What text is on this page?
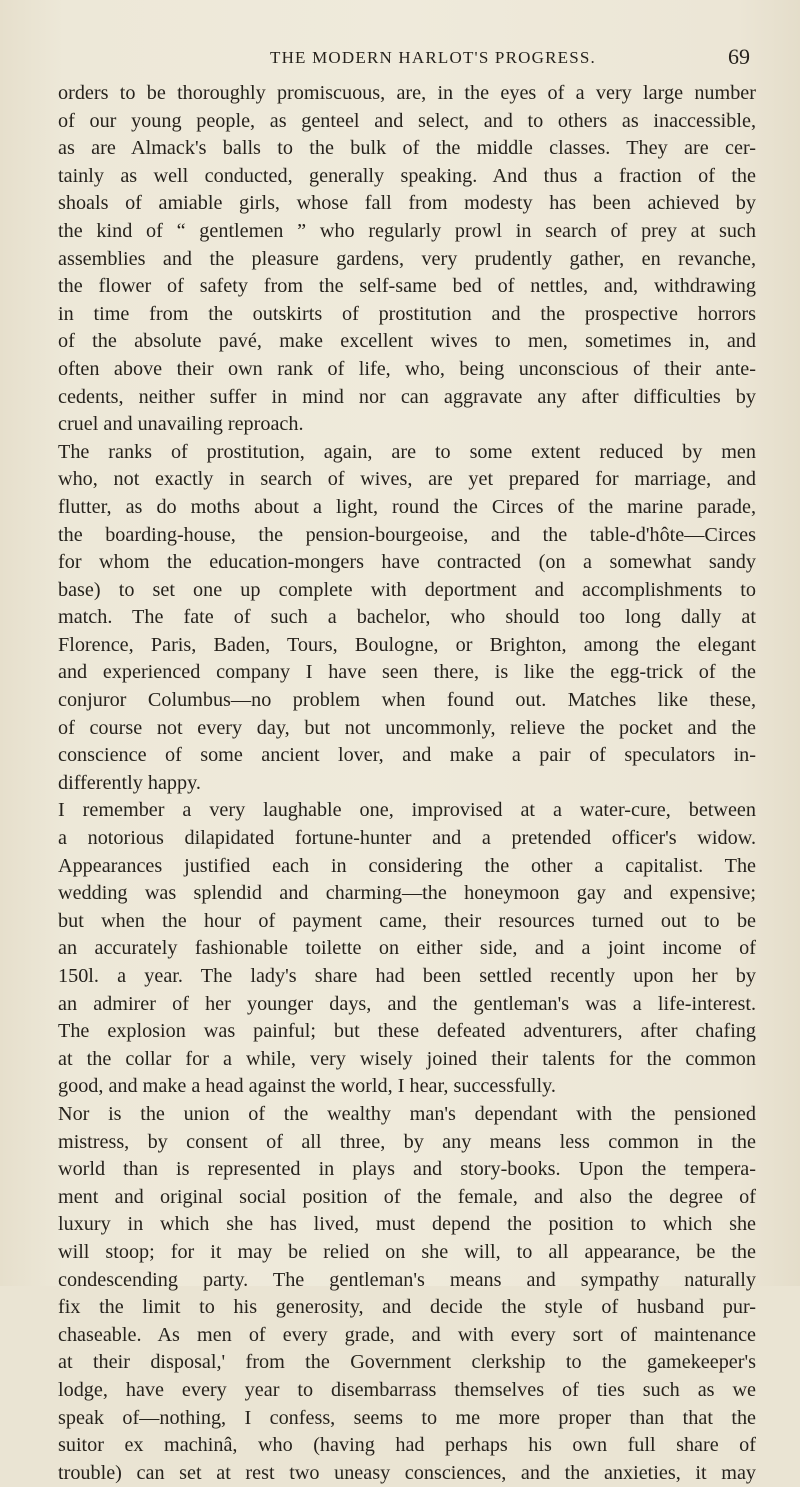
THE MODERN HARLOT'S PROGRESS.	69
orders to be thoroughly promiscuous, are, in the eyes of a very large number
of our young people, as genteel and select, and to others as inaccessible,
as are Almack's balls to the bulk of the middle classes. They are cer-
tainly as well conducted, generally speaking. And thus a fraction of the
shoals of amiable girls, whose fall from modesty has been achieved by
the kind of “ gentlemen ” who regularly prowl in search of prey at such
assemblies and the pleasure gardens, very prudently gather, en revanche,
the flower of safety from the self-same bed of nettles, and, withdrawing
in time from the outskirts of prostitution and the prospective horrors
of the absolute pavé, make excellent wives to men, sometimes in, and
often above their own rank of life, who, being unconscious of their ante-
cedents, neither suffer in mind nor can aggravate any after difficulties by
cruel and unavailing reproach.
The ranks of prostitution, again, are to some extent reduced by men
who, not exactly in search of wives, are yet prepared for marriage, and
flutter, as do moths about a light, round the Circes of the marine parade,
the boarding-house, the pension-bourgeoise, and the table-d'hôte—Circes
for whom the education-mongers have contracted (on a somewhat sandy
base) to set one up complete with deportment and accomplishments to
match. The fate of such a bachelor, who should too long dally at
Florence, Paris, Baden, Tours, Boulogne, or Brighton, among the elegant
and experienced company I have seen there, is like the egg-trick of the
conjuror Columbus—no problem when found out. Matches like these,
of course not every day, but not uncommonly, relieve the pocket and the
conscience of some ancient lover, and make a pair of speculators in-
differently happy.
I remember a very laughable one, improvised at a water-cure, between
a notorious dilapidated fortune-hunter and a pretended officer's widow.
Appearances justified each in considering the other a capitalist. The
wedding was splendid and charming—the honeymoon gay and expensive;
but when the hour of payment came, their resources turned out to be
an accurately fashionable toilette on either side, and a joint income of
150l. a year. The lady's share had been settled recently upon her by
an admirer of her younger days, and the gentleman's was a life-interest.
The explosion was painful; but these defeated adventurers, after chafing
at the collar for a while, very wisely joined their talents for the common
good, and make a head against the world, I hear, successfully.
Nor is the union of the wealthy man's dependant with the pensioned
mistress, by consent of all three, by any means less common in the
world than is represented in plays and story-books. Upon the tempera-
ment and original social position of the female, and also the degree of
luxury in which she has lived, must depend the position to which she
will stoop; for it may be relied on she will, to all appearance, be the
condescending party. The gentleman's means and sympathy naturally
fix the limit to his generosity, and decide the style of husband pur-
chaseable. As men of every grade, and with every sort of maintenance
at their disposal,' from the Government clerkship to the gamekeeper's
lodge, have every year to disembarrass themselves of ties such as we
speak of—nothing, I confess, seems to me more proper than that the
suitor ex machinâ, who (having had perhaps his own full share of
trouble) can set at rest two uneasy consciences, and the anxieties, it may
